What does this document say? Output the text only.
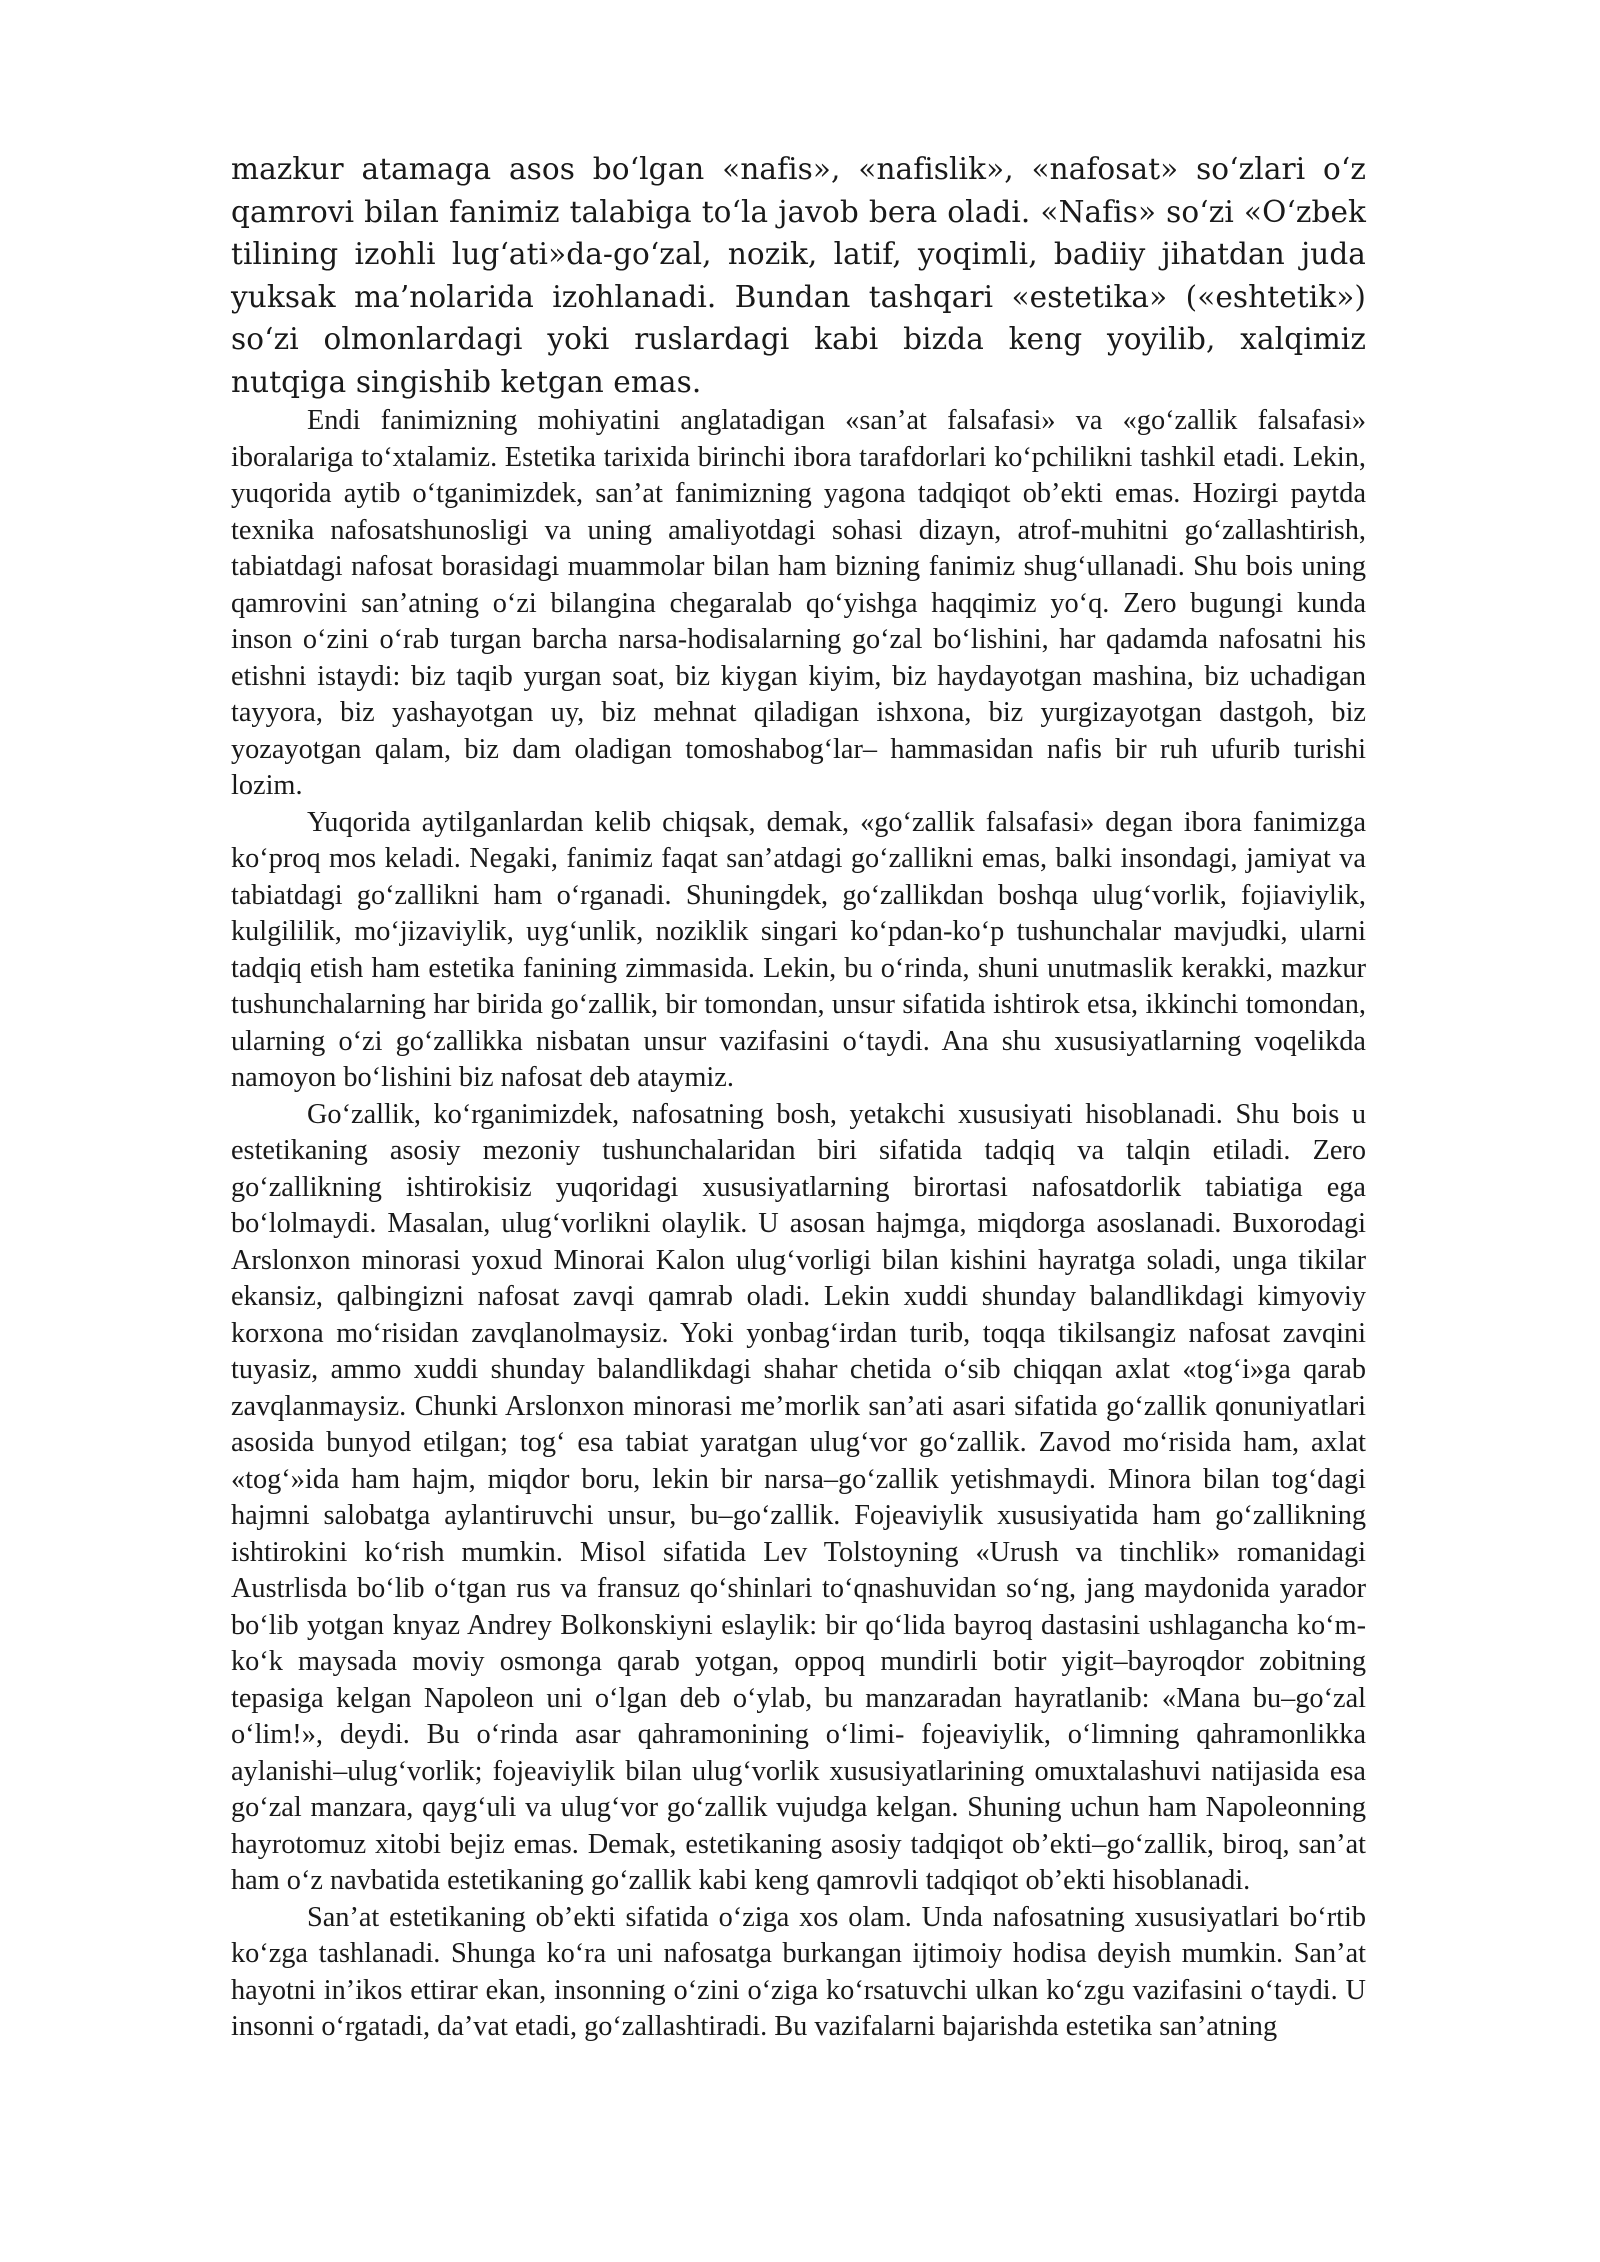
mazkur atamaga asos bo‘lgan «nafis», «nafislik», «nafosat» so‘zlari o‘z qamrovi bilan fanimiz talabiga to‘la javob bera oladi. «Nafis» so‘zi «O‘zbek tilining izohli lug‘ati»da-go‘zal, nozik, latif, yoqimli, badiiy jihatdan juda yuksak ma’nolarida izohlanadi. Bundan tashqari «estetika» («eshtetik») so‘zi olmonlardagi yoki ruslardagi kabi bizda keng yoyilib, xalqimiz nutqiga singishib ketgan emas.

Endi fanimizning mohiyatini anglatadigan «san’at falsafasi» va «go‘zallik falsafasi» iboralariga to‘xtalamiz. Estetika tarixida birinchi ibora tarafdorlari ko‘pchilikni tashkil etadi. Lekin, yuqorida aytib o‘tganimizdek, san’at fanimizning yagona tadqiqot ob’ekti emas. Hozirgi paytda texnika nafosatshunosligi va uning amaliyotdagi sohasi dizayn, atrof-muhitni go‘zallashtirish, tabiatdagi nafosat borasidagi muammolar bilan ham bizning fanimiz shug‘ullanadi. Shu bois uning qamrovini san’atning o‘zi bilangina chegaralab qo‘yishga haqqimiz yo‘q. Zero bugungi kunda inson o‘zini o‘rab turgan barcha narsa-hodisalarning go‘zal bo‘lishini, har qadamda nafosatni his etishni istaydi: biz taqib yurgan soat, biz kiygan kiyim, biz haydayotgan mashina, biz uchadigan tayyora, biz yashayotgan uy, biz mehnat qiladigan ishxona, biz yurgizayotgan dastgoh, biz yozayotgan qalam, biz dam oladigan tomoshabog‘lar– hammasidan nafis bir ruh ufurib turishi lozim.

Yuqorida aytilganlardan kelib chiqsak, demak, «go‘zallik falsafasi» degan ibora fanimizga ko‘proq mos keladi. Negaki, fanimiz faqat san’atdagi go‘zallikni emas, balki insondagi, jamiyat va tabiatdagi go‘zallikni ham o‘rganadi. Shuningdek, go‘zallikdan boshqa ulug‘vorlik, fojiaviylik, kulgililik, mo‘jizaviylik, uyg‘unlik, noziklik singari ko‘pdan-ko‘p tushunchalar mavjudki, ularni tadqiq etish ham estetika fanining zimmasida. Lekin, bu o‘rinda, shuni unutmaslik kerakki, mazkur tushunchalarning har birida go‘zallik, bir tomondan, unsur sifatida ishtirok etsa, ikkinchi tomondan, ularning o‘zi go‘zallikka nisbatan unsur vazifasini o‘taydi. Ana shu xususiyatlarning voqelikda namoyon bo‘lishini biz nafosat deb ataymiz.

Go‘zallik, ko‘rganimizdek, nafosatning bosh, yetakchi xususiyati hisoblanadi. Shu bois u estetikaning asosiy mezoniy tushunchalaridan biri sifatida tadqiq va talqin etiladi. Zero go‘zallikning ishtirokisiz yuqoridagi xususiyatlarning birortasi nafosatdorlik tabiatiga ega bo‘lolmaydi. Masalan, ulug‘vorlikni olaylik. U asosan hajmga, miqdorga asoslanadi. Buxorodagi Arslonxon minorasi yoxud Minorai Kalon ulug‘vorligi bilan kishini hayratga soladi, unga tikilar ekansiz, qalbingizni nafosat zavqi qamrab oladi. Lekin xuddi shunday balandlikdagi kimyoviy korxona mo‘risidan zavqlanolmaysiz. Yoki yonbag‘irdan turib, toqqa tikilsangiz nafosat zavqini tuyasiz, ammo xuddi shunday balandlikdagi shahar chetida o‘sib chiqqan axlat «tog‘i»ga qarab zavqlanmaysiz. Chunki Arslonxon minorasi me’morlik san’ati asari sifatida go‘zallik qonuniyatlari asosida bunyod etilgan; tog‘ esa tabiat yaratgan ulug‘vor go‘zallik. Zavod mo‘risida ham, axlat «tog‘»ida ham hajm, miqdor boru, lekin bir narsa–go‘zallik yetishmaydi. Minora bilan tog‘dagi hajmni salobatga aylantiruvchi unsur, bu–go‘zallik. Fojeaviylik xususiyatida ham go‘zallikning ishtirokini ko‘rish mumkin. Misol sifatida Lev Tolstoyning «Urush va tinchlik» romanidagi Austrlisda bo‘lib o‘tgan rus va fransuz qo‘shinlari to‘qnashuvidan so‘ng, jang maydonida yarador bo‘lib yotgan knyaz Andrey Bolkonskiyni eslaylik: bir qo‘lida bayroq dastasini ushlagancha ko‘m-ko‘k maysada moviy osmonga qarab yotgan, oppoq mundirli botir yigit–bayroqdor zobitning tepasiga kelgan Napoleon uni o‘lgan deb o‘ylab, bu manzaradan hayratlanib: «Mana bu–go‘zal o‘lim!», deydi. Bu o‘rinda asar qahramonining o‘limi- fojeaviylik, o‘limning qahramonlikka aylanishi–ulug‘vorlik; fojeaviylik bilan ulug‘vorlik xususiyatlarining omuxtalashuvi natijasida esa go‘zal manzara, qayg‘uli va ulug‘vor go‘zallik vujudga kelgan. Shuning uchun ham Napoleonning hayrotomuz xitobi bejiz emas. Demak, estetikaning asosiy tadqiqot ob’ekti–go‘zallik, biroq, san’at ham o‘z navbatida estetikaning go‘zallik kabi keng qamrovli tadqiqot ob’ekti hisoblanadi.

San’at estetikaning ob’ekti sifatida o‘ziga xos olam. Unda nafosatning xususiyatlari bo‘rtib ko‘zga tashlanadi. Shunga ko‘ra uni nafosatga burkangan ijtimoiy hodisa deyish mumkin. San’at hayotni in’ikos ettirar ekan, insonning o‘zini o‘ziga ko‘rsatuvchi ulkan ko‘zgu vazifasini o‘taydi. U insonni o‘rgatadi, da’vat etadi, go‘zallashtiradi. Bu vazifalarni bajarishda estetika san’atning
